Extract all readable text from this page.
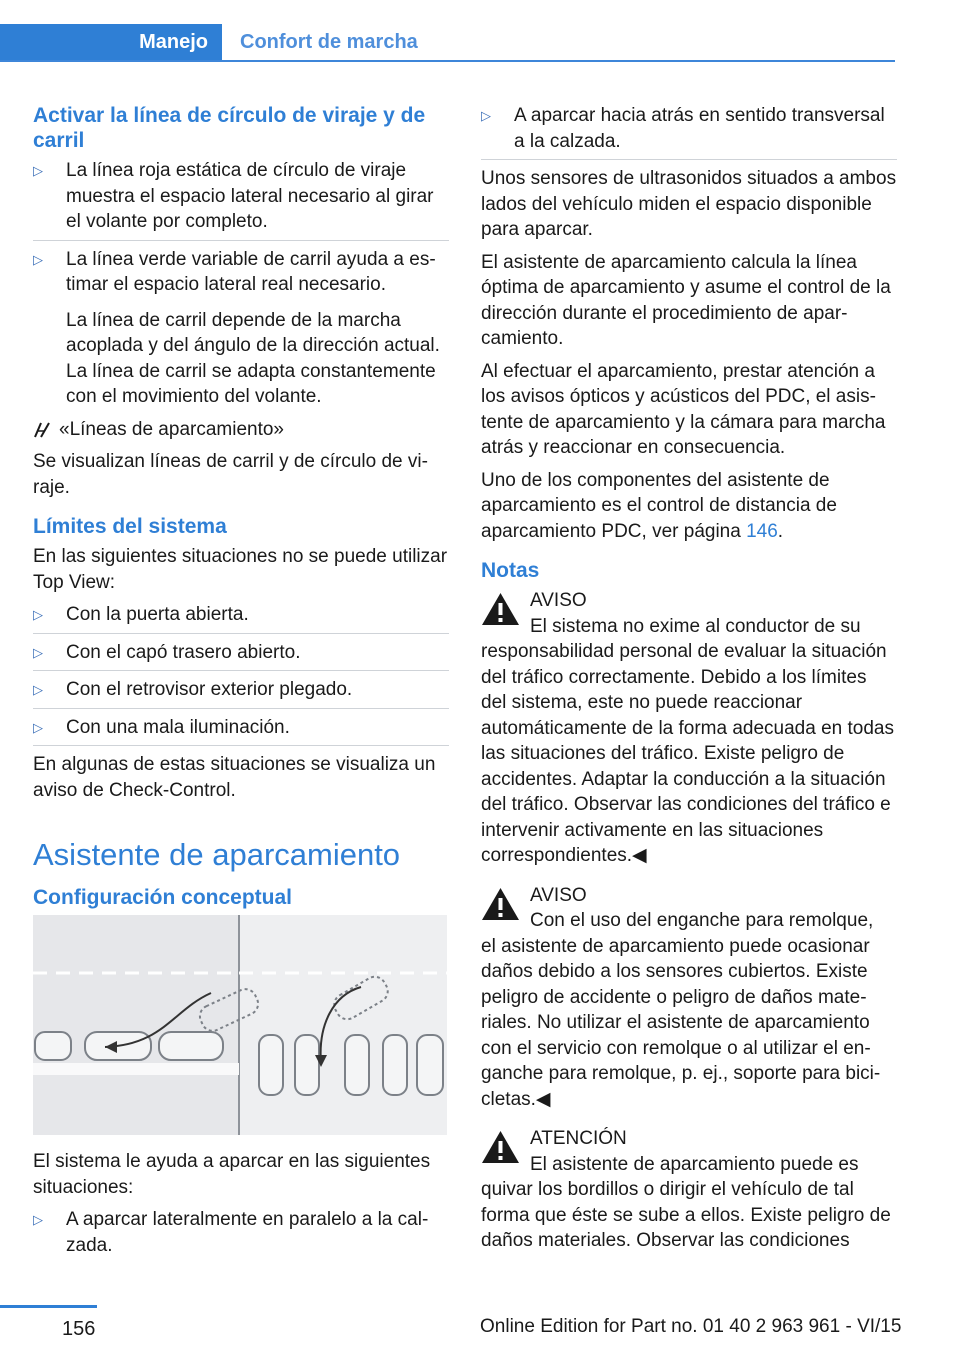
Manejo Confort de marcha
Activar la línea de círculo de viraje y de carril
▷ La línea roja estática de círculo de viraje muestra el espacio lateral necesario al girar el volante por completo.
▷ La línea verde variable de carril ayuda a estimar el espacio lateral real necesario.

La línea de carril depende de la marcha acoplada y del ángulo de la dirección actual. La línea de carril se adapta constantemente con el movimiento del volante.

«Líneas de aparcamiento»

Se visualizan líneas de carril y de círculo de viraje.

Límites del sistema

En las siguientes situaciones no se puede utilizar Top View:

▷ Con la puerta abierta.
▷ Con el capó trasero abierto.
▷ Con el retrovisor exterior plegado.
▷ Con una mala iluminación.

En algunas de estas situaciones se visualiza un aviso de Check-Control.

Asistente de aparcamiento
Configuración conceptual

El sistema le ayuda a aparcar en las siguientes situaciones:

▷ A aparcar lateralmente en paralelo a la calzada.
▷ A aparcar hacia atrás en sentido transversal a la calzada.

Unos sensores de ultrasonidos situados a ambos lados del vehículo miden el espacio disponible para aparcar.

El asistente de aparcamiento calcula la línea óptima de aparcamiento y asume el control de la dirección durante el procedimiento de aparcamiento.

Al efectuar el aparcamiento, prestar atención a los avisos ópticos y acústicos del PDC, el asistente de aparcamiento y la cámara para marcha atrás y reaccionar en consecuencia.

Uno de los componentes del asistente de aparcamiento es el control de distancia de aparcamiento PDC, ver página 146.

Notas
AVISO
El sistema no exime al conductor de su
responsabilidad personal de evaluar la situación del tráfico correctamente. Debido a los límites del sistema, este no puede reaccionar automáticamente de la forma adecuada en todas las situaciones del tráfico. Existe peligro de accidentes. Adaptar la conducción a la situación del tráfico. Observar las condiciones del tráfico e intervenir activamente en las situaciones correspondientes.◀
AVISO
Con el uso del enganche para remolque,
el asistente de aparcamiento puede ocasionar daños debido a los sensores cubiertos. Existe peligro de accidente o peligro de daños materiales. No utilizar el asistente de aparcamiento con el servicio con remolque o al utilizar el enganche para remolque, p. ej., soporte para bicicletas.◀
ATENCIÓN
El asistente de aparcamiento puede es
quivar los bordillos o dirigir el vehículo de tal forma que éste se sube a ellos. Existe peligro de daños materiales. Observar las condiciones
156	Online Edition for Part no. 01 40 2 963 961 - VI/15
